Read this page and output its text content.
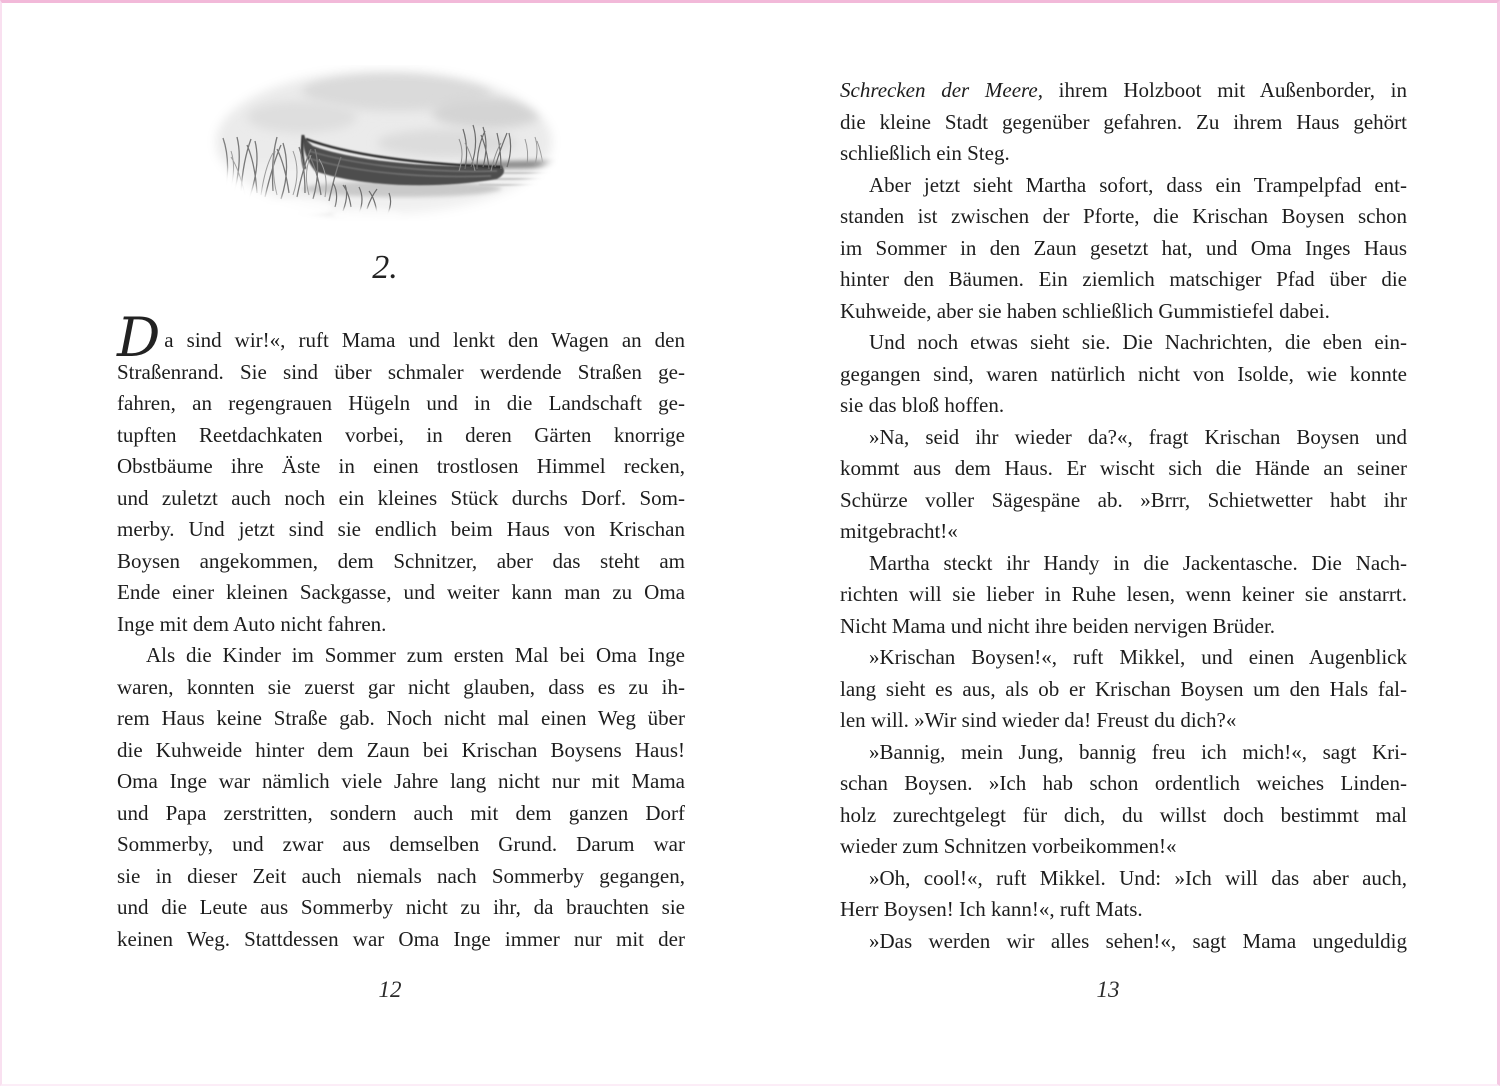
2.
Da sind wir!«, ruft Mama und lenkt den Wagen an den
Straßenrand. Sie sind über schmaler werdende Straßen ge-
fahren, an regengrauen Hügeln und in die Landschaft ge-
tupften Reetdachkaten vorbei, in deren Gärten knorrige
Obstbäume ihre Äste in einen trostlosen Himmel recken,
und zuletzt auch noch ein kleines Stück durchs Dorf. Som-
merby. Und jetzt sind sie endlich beim Haus von Krischan
Boysen angekommen, dem Schnitzer, aber das steht am
Ende einer kleinen Sackgasse, und weiter kann man zu Oma
Inge mit dem Auto nicht fahren.
Als die Kinder im Sommer zum ersten Mal bei Oma Inge
waren, konnten sie zuerst gar nicht glauben, dass es zu ih-
rem Haus keine Straße gab. Noch nicht mal einen Weg über
die Kuhweide hinter dem Zaun bei Krischan Boysens Haus!
Oma Inge war nämlich viele Jahre lang nicht nur mit Mama
und Papa zerstritten, sondern auch mit dem ganzen Dorf
Sommerby, und zwar aus demselben Grund. Darum war
sie in dieser Zeit auch niemals nach Sommerby gegangen,
und die Leute aus Sommerby nicht zu ihr, da brauchten sie
keinen Weg. Stattdessen war Oma Inge immer nur mit der
Schrecken der Meere, ihrem Holzboot mit Außenborder, in
die kleine Stadt gegenüber gefahren. Zu ihrem Haus gehört
schließlich ein Steg.
Aber jetzt sieht Martha sofort, dass ein Trampelpfad ent-
standen ist zwischen der Pforte, die Krischan Boysen schon
im Sommer in den Zaun gesetzt hat, und Oma Inges Haus
hinter den Bäumen. Ein ziemlich matschiger Pfad über die
Kuhweide, aber sie haben schließlich Gummistiefel dabei.
Und noch etwas sieht sie. Die Nachrichten, die eben ein-
gegangen sind, waren natürlich nicht von Isolde, wie konnte
sie das bloß hoffen.
»Na, seid ihr wieder da?«, fragt Krischan Boysen und
kommt aus dem Haus. Er wischt sich die Hände an seiner
Schürze voller Sägespäne ab. »Brrr, Schietwetter habt ihr
mitgebracht!«
Martha steckt ihr Handy in die Jackentasche. Die Nach-
richten will sie lieber in Ruhe lesen, wenn keiner sie anstarrt.
Nicht Mama und nicht ihre beiden nervigen Brüder.
»Krischan Boysen!«, ruft Mikkel, und einen Augenblick
lang sieht es aus, als ob er Krischan Boysen um den Hals fal-
len will. »Wir sind wieder da! Freust du dich?«
»Bannig, mein Jung, bannig freu ich mich!«, sagt Kri-
schan Boysen. »Ich hab schon ordentlich weiches Linden-
holz zurechtgelegt für dich, du willst doch bestimmt mal
wieder zum Schnitzen vorbeikommen!«
»Oh, cool!«, ruft Mikkel. Und: »Ich will das aber auch,
Herr Boysen! Ich kann!«, ruft Mats.
»Das werden wir alles sehen!«, sagt Mama ungeduldig
12	13
